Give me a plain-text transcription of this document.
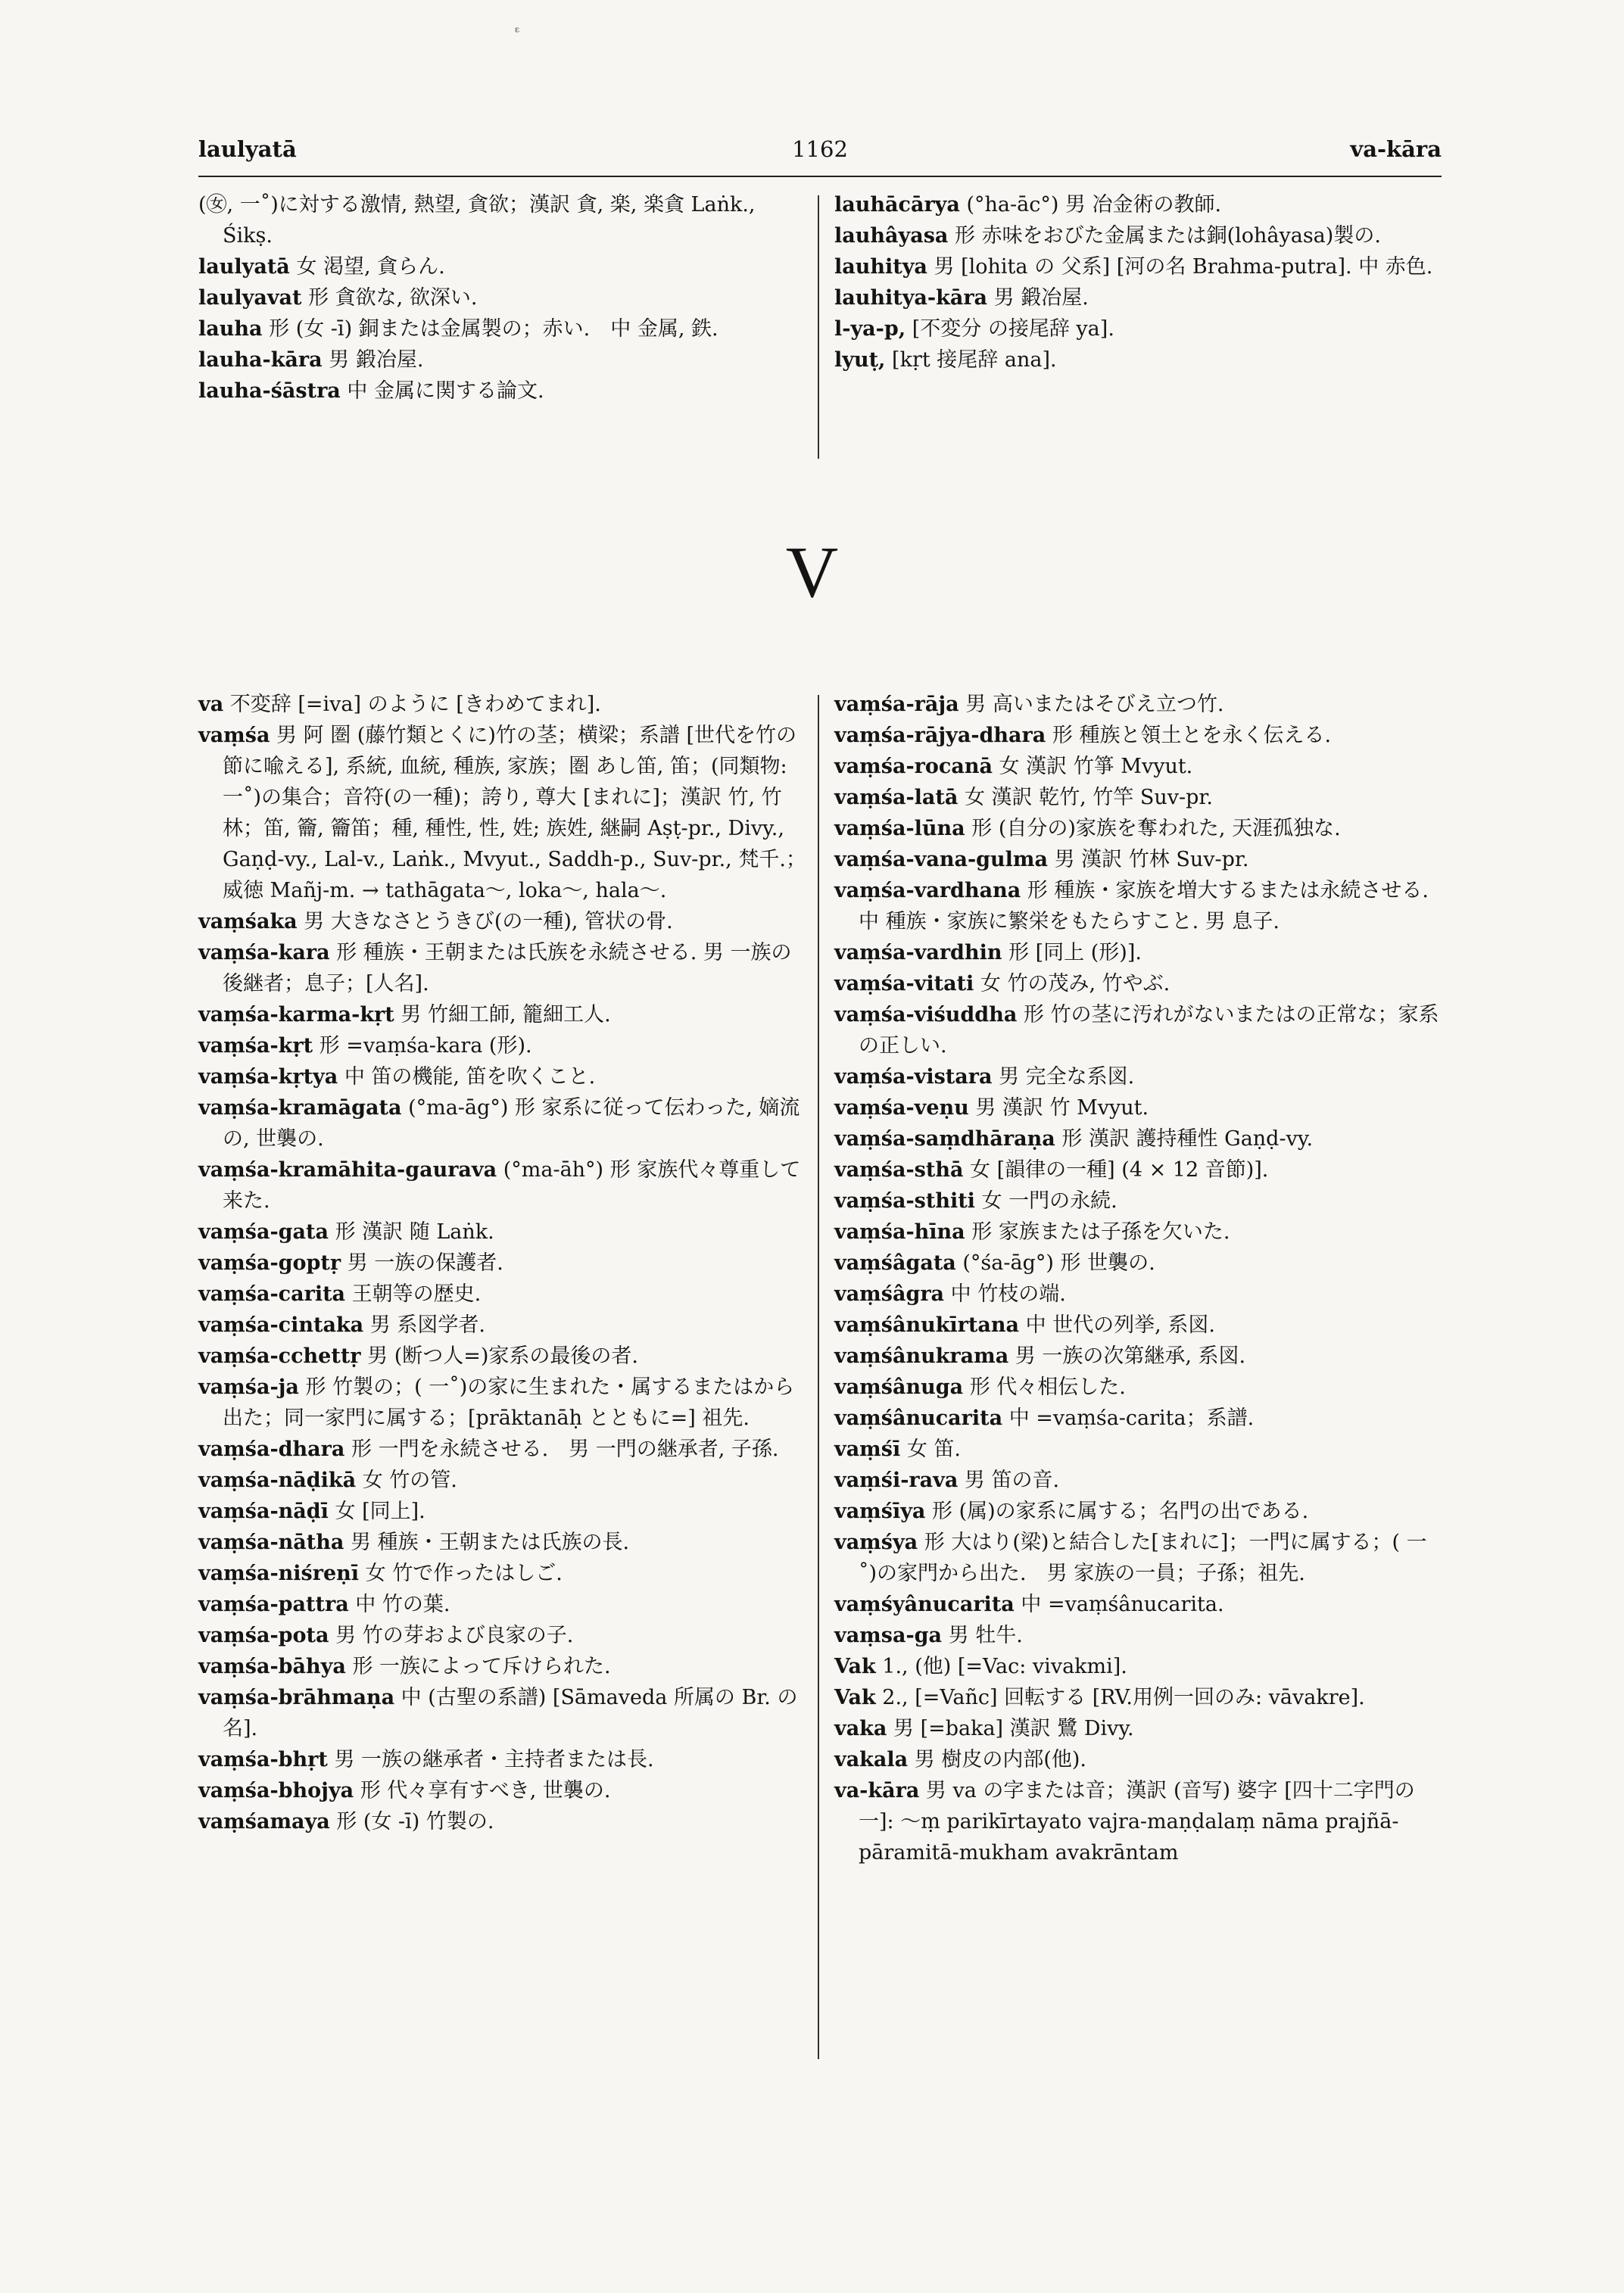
ᵋ
laulyatā	1162	va-kāra
(㊛, 一˚)に対する激情, 熱望, 貪欲；漢訳 貪, 楽, 楽貪 Laṅk., Śikṣ.
laulyatā 女 渇望, 貪らん.
laulyavat 形 貪欲な, 欲深い.
lauha 形 (女 -ī) 銅または金属製の；赤い.　中 金属, 鉄.
lauha-kāra 男 鍛冶屋.
lauha-śāstra 中 金属に関する論文.
lauhācārya (°ha-āc°) 男 冶金術の教師.
lauhâyasa 形 赤味をおびた金属または銅(lohâyasa)製の.
lauhitya 男 [lohita の 父系] [河の名 Brahma-putra]. 中 赤色.
lauhitya-kāra 男 鍛冶屋.
l-ya-p, [不変分 の接尾辞 ya].
lyuṭ, [kṛt 接尾辞 ana].
V
va 不変辞 [=iva] のように [きわめてまれ].
vaṃśa 男 阿 圏 (藤竹類とくに)竹の茎；横梁；系譜 [世代を竹の節に喩える], 系統, 血統, 種族, 家族；圏 あし笛, 笛；(同類物: 一˚)の集合；音符(の一種)；誇り, 尊大 [まれに]；漢訳 竹, 竹林；笛, 籥, 籥笛；種, 種性, 性, 姓; 族姓, 継嗣 Aṣṭ-pr., Divy., Gaṇḍ-vy., Lal-v., Laṅk., Mvyut., Saddh-p., Suv-pr., 梵千.；威徳 Mañj-m. → tathāgata～, loka～, hala～.
vaṃśaka 男 大きなさとうきび(の一種), 管状の骨.
vaṃśa-kara 形 種族・王朝または氏族を永続させる. 男 一族の後継者；息子；[人名].
vaṃśa-karma-kṛt 男 竹細工師, 籠細工人.
vaṃśa-kṛt 形 =vaṃśa-kara (形).
vaṃśa-kṛtya 中 笛の機能, 笛を吹くこと.
vaṃśa-kramāgata (°ma-āg°) 形 家系に従って伝わった, 嫡流の, 世襲の.
vaṃśa-kramāhita-gaurava (°ma-āh°) 形 家族代々尊重して来た.
vaṃśa-gata 形 漢訳 随 Laṅk.
vaṃśa-goptṛ 男 一族の保護者.
vaṃśa-carita 王朝等の歴史.
vaṃśa-cintaka 男 系図学者.
vaṃśa-cchettṛ 男 (断つ人=)家系の最後の者.
vaṃśa-ja 形 竹製の；( 一˚)の家に生まれた・属するまたはから出た；同一家門に属する；[prāktanāḥ とともに=] 祖先.
vaṃśa-dhara 形 一門を永続させる.　男 一門の継承者, 子孫.
vaṃśa-nāḍikā 女 竹の管.
vaṃśa-nāḍī 女 [同上].
vaṃśa-nātha 男 種族・王朝または氏族の長.
vaṃśa-niśreṇī 女 竹で作ったはしご.
vaṃśa-pattra 中 竹の葉.
vaṃśa-pota 男 竹の芽および良家の子.
vaṃśa-bāhya 形 一族によって斥けられた.
vaṃśa-brāhmaṇa 中 (古聖の系譜) [Sāmaveda 所属の Br. の名].
vaṃśa-bhṛt 男 一族の継承者・主持者または長.
vaṃśa-bhojya 形 代々享有すべき, 世襲の.
vaṃśamaya 形 (女 -ī) 竹製の.
vaṃśa-rāja 男 高いまたはそびえ立つ竹.
vaṃśa-rājya-dhara 形 種族と領土とを永く伝える.
vaṃśa-rocanā 女 漢訳 竹箏 Mvyut.
vaṃśa-latā 女 漢訳 乾竹, 竹竿 Suv-pr.
vaṃśa-lūna 形 (自分の)家族を奪われた, 天涯孤独な.
vaṃśa-vana-gulma 男 漢訳 竹林 Suv-pr.
vaṃśa-vardhana 形 種族・家族を増大するまたは永続させる. 中 種族・家族に繁栄をもたらすこと. 男 息子.
vaṃśa-vardhin 形 [同上 (形)].
vaṃśa-vitati 女 竹の茂み, 竹やぶ.
vaṃśa-viśuddha 形 竹の茎に汚れがないまたはの正常な；家系の正しい.
vaṃśa-vistara 男 完全な系図.
vaṃśa-veṇu 男 漢訳 竹 Mvyut.
vaṃśa-saṃdhāraṇa 形 漢訳 護持種性 Gaṇḍ-vy.
vaṃśa-sthā 女 [韻律の一種] (4 × 12 音節)].
vaṃśa-sthiti 女 一門の永続.
vaṃśa-hīna 形 家族または子孫を欠いた.
vaṃśâgata (°śa-āg°) 形 世襲の.
vaṃśâgra 中 竹枝の端.
vaṃśânukīrtana 中 世代の列挙, 系図.
vaṃśânukrama 男 一族の次第継承, 系図.
vaṃśânuga 形 代々相伝した.
vaṃśânucarita 中 =vaṃśa-carita；系譜.
vaṃśī 女 笛.
vaṃśi-rava 男 笛の音.
vaṃśīya 形 (属)の家系に属する；名門の出である.
vaṃśya 形 大はり(梁)と結合した[まれに]；一門に属する；( 一˚)の家門から出た.　男 家族の一員；子孫；祖先.
vaṃśyânucarita 中 =vaṃśânucarita.
vaṃsa-ga 男 牡牛.
Vak 1., (他) [=Vac: vivakmi].
Vak 2., [=Vañc] 回転する [RV.用例一回のみ: vāvakre].
vaka 男 [=baka] 漢訳 鷺 Divy.
vakala 男 樹皮の内部(他).
va-kāra 男 va の字または音；漢訳 (音写) 婆字 [四十二字門の一]: ～ṃ parikīrtayato vajra-maṇḍalaṃ nāma prajñā-pāramitā-mukham avakrāntam
